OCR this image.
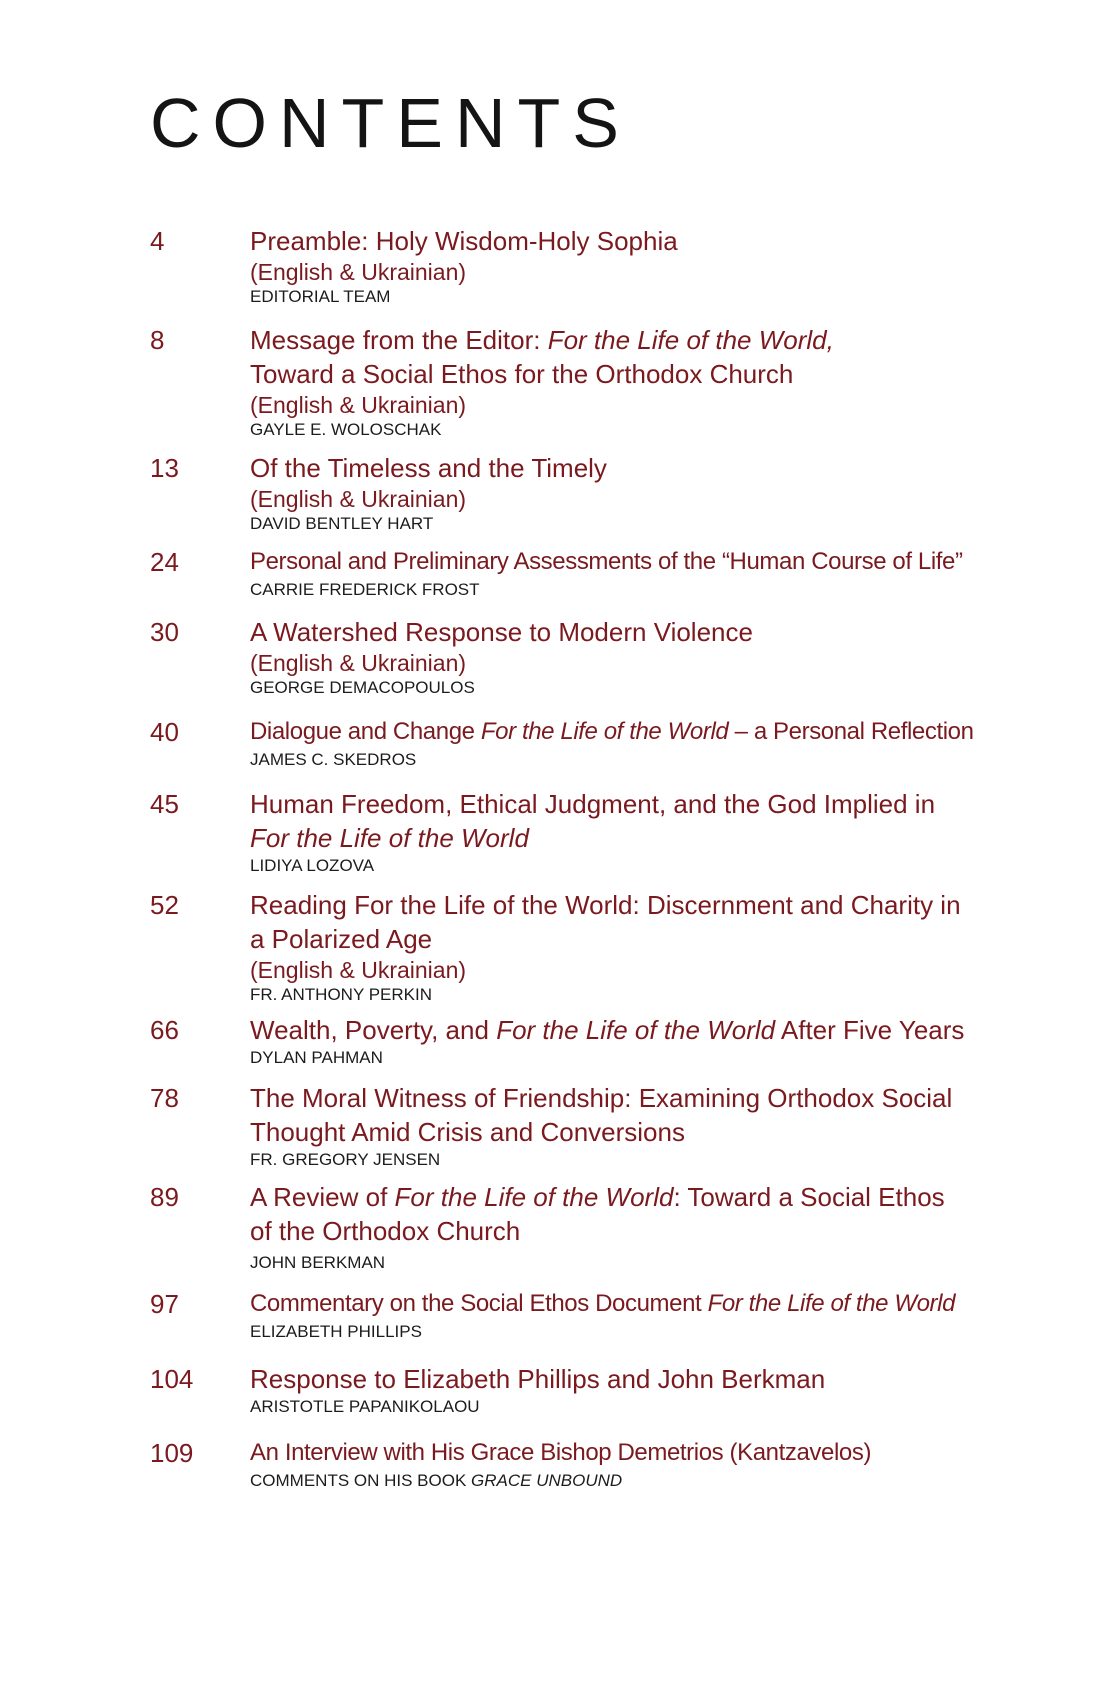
CONTENTS
4	Preamble: Holy Wisdom-Holy Sophia
(English & Ukrainian)
EDITORIAL TEAM
8	Message from the Editor: For the Life of the World,
Toward a Social Ethos for the Orthodox Church
(English & Ukrainian)
GAYLE E. WOLOSCHAK
13	Of the Timeless and the Timely
(English & Ukrainian)
DAVID BENTLEY HART
24	Personal and Preliminary Assessments of the “Human Course of Life”
CARRIE FREDERICK FROST
30	A Watershed Response to Modern Violence
(English & Ukrainian)
GEORGE DEMACOPOULOS
40	Dialogue and Change For the Life of the World – a Personal Reflection
JAMES C. SKEDROS
45	Human Freedom, Ethical Judgment, and the God Implied in
For the Life of the World
LIDIYA LOZOVA
52	Reading For the Life of the World: Discernment and Charity in
a Polarized Age
(English & Ukrainian)
FR. ANTHONY PERKIN
66	Wealth, Poverty, and For the Life of the World After Five Years
DYLAN PAHMAN
78	The Moral Witness of Friendship: Examining Orthodox Social
Thought Amid Crisis and Conversions
FR. GREGORY JENSEN
89	A Review of For the Life of the World: Toward a Social Ethos
of the Orthodox Church
JOHN BERKMAN
97	Commentary on the Social Ethos Document For the Life of the World
ELIZABETH PHILLIPS
104 Response to Elizabeth Phillips and John Berkman
ARISTOTLE PAPANIKOLAOU
109 An Interview with His Grace Bishop Demetrios (Kantzavelos)
COMMENTS ON HIS BOOK GRACE UNBOUND
